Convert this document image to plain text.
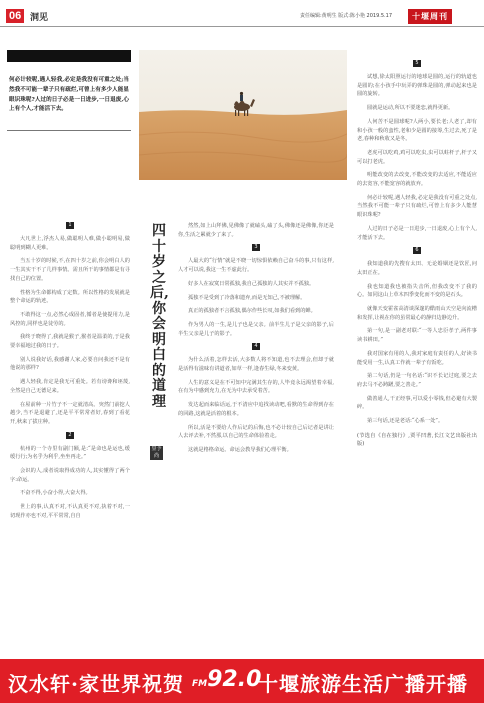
06 洞见	责任编辑:黄明生 版式:陈小艳 2019.5.17	十堰周刊
何必计较呢,遇人轻我,必定是我没有可重之处;当然我不可能一辈子只有疏烂,可曾上有多少人能显眼识珠呢?人过的日子必是一日进步,一日退废,心上有个人,才能活下去。
四十岁之后,你会明白的道理
里予尚
1

大凡世上,浮杰人易,做聪明人难,做小聪明易,做聪明到糊人更难。

当五十岁的时候,不,在四十岁之前,你会明白人的一生其实干不了几样事情。需且所干的事情都是有寻找自己的位置。

性格为生命都构成了定数。所以性格的发展就是整个命运的轨迹。

不敢得这一点,必然心成固者,循者是使提用力,是风控的,同样也是徒劳的。

我终于晓得了,我就是猴子,猴者是温柔的,于是我要幸福地过我的日子。

别人说我好话,我感谢人家,必要自问我还不是有他说的那样?

遇人轻我,肯定是我无可重处。若有谤谗和诬蔑,全然是自己无德足来。

在屋前种一片竹子不一定就清高。突然门前挖人越少,当不是退避了,还是平平常常者好,春到了看花开,秋来了拔庄种。

2

杭州的一个寺里有副门额,是:“是命也是运也,缓缓行行;为名乎为利乎,坐坐再走。”

会识的人,成者说取得成功的人,其实懂得了两个字:命运。

不奋不得,小奋小得,大奋大得。

世上的事,认真不对,不认真更不对,执着不对,一切现作亦也不对,平平常常,自自

然然,如上山拜佛,见佛像了就磕头,磕了头,佛像还是佛像,你还是你,生活之累就少了来了。

3

人最大的“行情”就是不晓一切惊惧依赖自己奋斗的事,只有这样,人才可以说,我这一生不虚此行。

好多人在寂寞日常孤独,我自己孤独的人其实并不孤独。

孤独不是受到了冷落和遗弃,而是无知己,不被理解。

真正的孤独者不言孤独,偶尔作些长叹,如我们看到的蝉。

作为男人的一生,是儿子也是父亲。前半生儿子是父亲的影子,后半生父亲是儿子的影子。

4

为什么活着,怎样去活,大多数人将不知道,也不去理会,但却于就是活得有滋味有讲道者,如草一样,逢春生绿,冬来变黄。

人生的意义是在不可知中完满其生存的,人毕竟永远渴望着幸福,在有为中感到充力,在无为中去承受着苦。

发达起而来临话运,于不清应中追找读动吧,看默的生命得到存在的回路,这就是活着的根本。

所以,活是不要给人作后记的后悔,也不必计较自己后记者是讲让人去评去补,不然那,以自己的生命体验着走。

这就是格格命运。命运会教导我们心理平衡。

5

试想,徐太阳照运行的地球是圆的,运行的轨道也是圆的;在小孩手中玩弄的弹珠是圆的,弹动起来也是圆的旋转。

圆就是运动,所以不要迷恋,就得更新。

人何苦不是圆球呢?人两小,要长老;人老了,却有和小孩一般的蛮性,老和少是圆的接筹,生过去,死了是老,春种和秋收又是冬。

老虎可以吃鸡,鸡可以吃虫,虫可以蛀杆子,杆子又可以打老虎。

明能改变的去改变,不能改变的去适应,不能适应的去宽容,不能宽容的就放弃。

何必计较呢,遇人轻我,必定是我没有可重之处点,当然我不可能一辈子只有疏烂,可曾上有多少人能慧眼识珠呢?

人过的日子必是一日进步,一日退废,心上有个人,才能活下去。

6

我知道我的先搜有太田、无论婚姻还是饮匠,问太田正在。

我也知道我也被指失击所,但我改变不了我的心。如同这山上草木四季变化而不变的是石头。

就像天变霍雀高清谈深邃的酷雨山天空是向流槽和发挥,让视在你的虽常最心的静归边静边升。

第一句,是一副老对联:“一等人忠臣孝子,两件事读书耕田。”

我对国家有用的人,我对家庭有责任的人,好读书能受用一生,认真工作就一辈子有饭吃。

第二句话,仍是一句名话:“识不长记过庭,要之去府去马不必踌躇,要之善走。”

做善通人,干正经事,可以爱小零钱,但必避有大製碎。

第三句话,还是老话:“心系一处”。

(节选自《自在独行》,贾平凹著,长江文艺出版社出版)
汉水轩·家世界祝贺 FM92.0
十堰旅游生活广播开播
